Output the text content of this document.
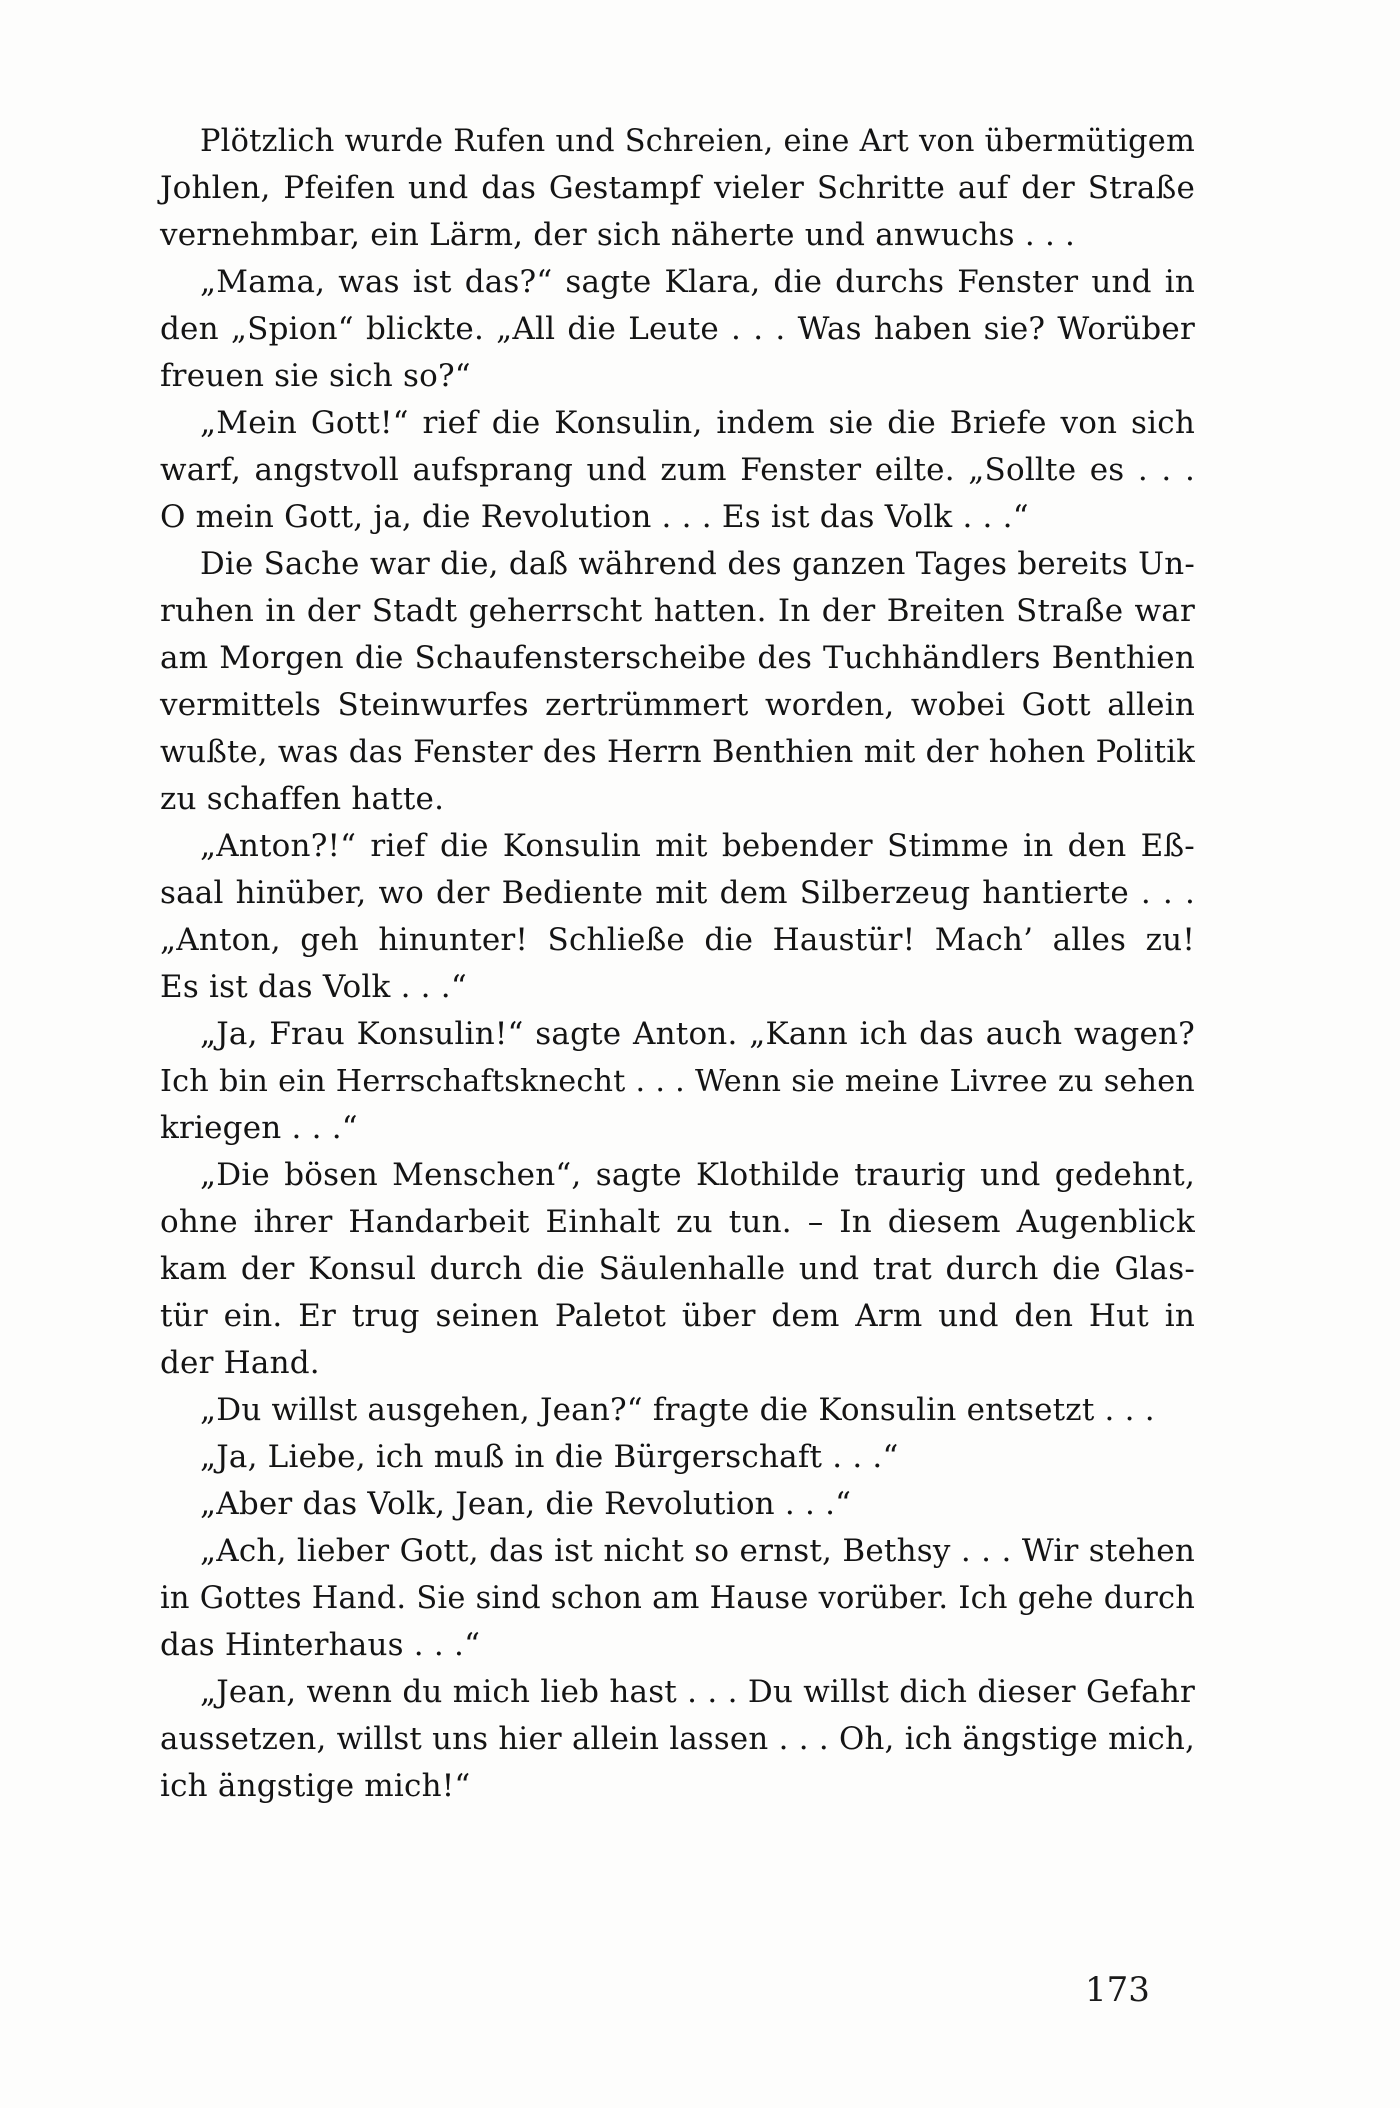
Plötzlich wurde Rufen und Schreien, eine Art von übermütigem
Johlen, Pfeifen und das Gestampf vieler Schritte auf der Straße
vernehmbar, ein Lärm, der sich näherte und anwuchs . . .
„Mama, was ist das?“ sagte Klara, die durchs Fenster und in
den „Spion“ blickte. „All die Leute . . . Was haben sie? Worüber
freuen sie sich so?“
„Mein Gott!“ rief die Konsulin, indem sie die Briefe von sich
warf, angstvoll aufsprang und zum Fenster eilte. „Sollte es . . .
O mein Gott, ja, die Revolution . . . Es ist das Volk . . .“
Die Sache war die, daß während des ganzen Tages bereits Un-
ruhen in der Stadt geherrscht hatten. In der Breiten Straße war
am Morgen die Schaufensterscheibe des Tuchhändlers Benthien
vermittels Steinwurfes zertrümmert worden, wobei Gott allein
wußte, was das Fenster des Herrn Benthien mit der hohen Politik
zu schaffen hatte.
„Anton?!“ rief die Konsulin mit bebender Stimme in den Eß-
saal hinüber, wo der Bediente mit dem Silberzeug hantierte . . .
„Anton, geh hinunter! Schließe die Haustür! Mach’ alles zu!
Es ist das Volk . . .“
„Ja, Frau Konsulin!“ sagte Anton. „Kann ich das auch wagen?
Ich bin ein Herrschaftsknecht . . . Wenn sie meine Livree zu sehen
kriegen . . .“
„Die bösen Menschen“, sagte Klothilde traurig und gedehnt,
ohne ihrer Handarbeit Einhalt zu tun. – In diesem Augenblick
kam der Konsul durch die Säulenhalle und trat durch die Glas-
tür ein. Er trug seinen Paletot über dem Arm und den Hut in
der Hand.
„Du willst ausgehen, Jean?“ fragte die Konsulin entsetzt . . .
„Ja, Liebe, ich muß in die Bürgerschaft . . .“
„Aber das Volk, Jean, die Revolution . . .“
„Ach, lieber Gott, das ist nicht so ernst, Bethsy . . . Wir stehen
in Gottes Hand. Sie sind schon am Hause vorüber. Ich gehe durch
das Hinterhaus . . .“
„Jean, wenn du mich lieb hast . . . Du willst dich dieser Gefahr
aussetzen, willst uns hier allein lassen . . . Oh, ich ängstige mich,
ich ängstige mich!“
173
